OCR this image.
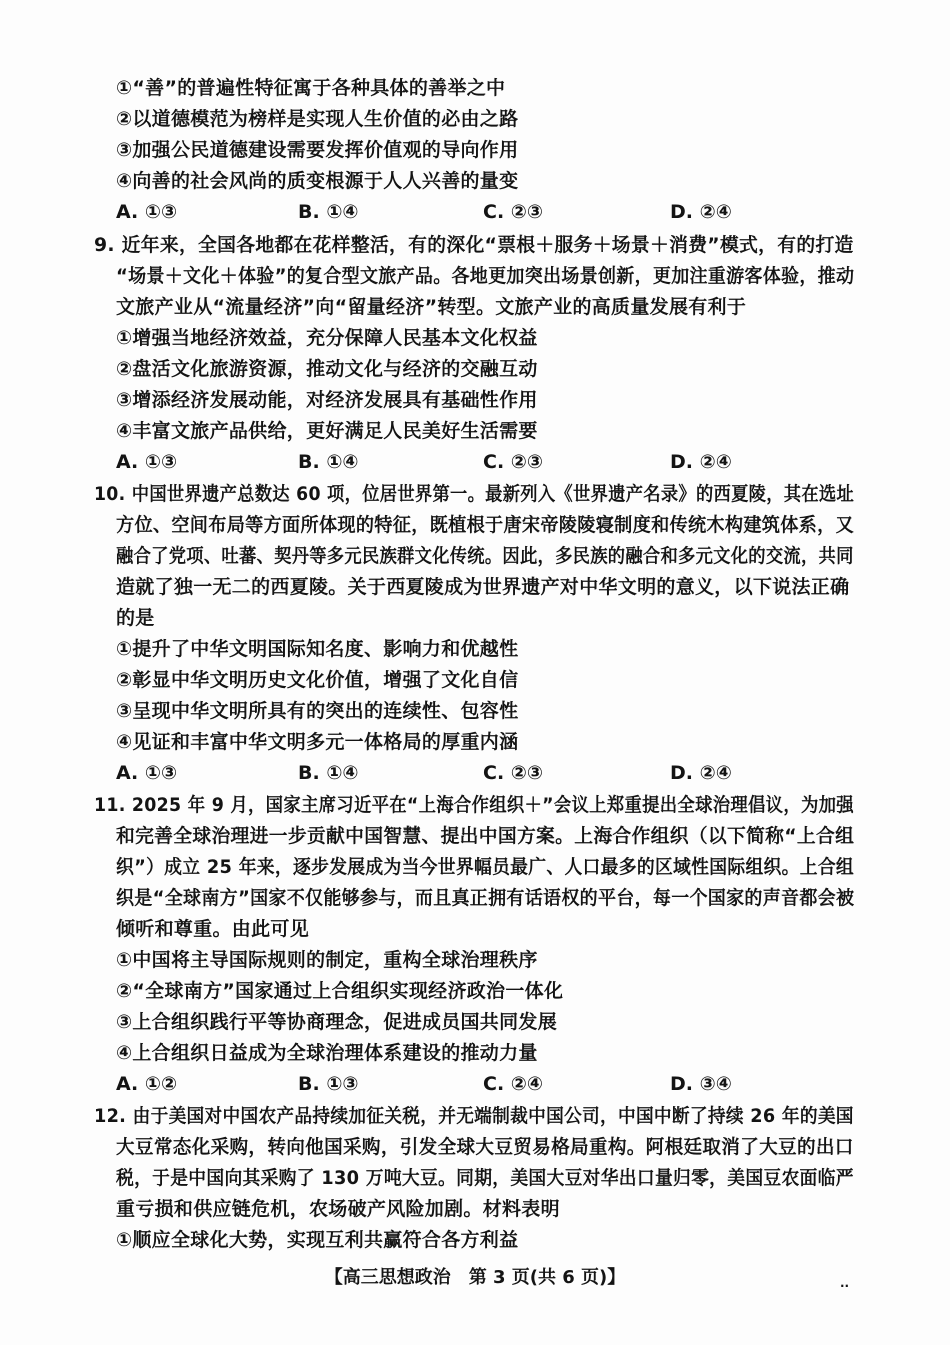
①“善”的普遍性特征寓于各种具体的善举之中
②以道德模范为榜样是实现人生价值的必由之路
③加强公民道德建设需要发挥价值观的导向作用
④向善的社会风尚的质变根源于人人兴善的量变
A. ①③	B. ①④	C. ②③	D. ②④
9. 近年来，全国各地都在花样整活，有的深化“票根＋服务＋场景＋消费”模式，有的打造
“场景＋文化＋体验”的复合型文旅产品。各地更加突出场景创新，更加注重游客体验，推动
文旅产业从“流量经济”向“留量经济”转型。文旅产业的高质量发展有利于
①增强当地经济效益，充分保障人民基本文化权益
②盘活文化旅游资源，推动文化与经济的交融互动
③增添经济发展动能，对经济发展具有基础性作用
④丰富文旅产品供给，更好满足人民美好生活需要
A. ①③	B. ①④	C. ②③	D. ②④
10. 中国世界遗产总数达 60 项，位居世界第一。最新列入《世界遗产名录》的西夏陵，其在选址
方位、空间布局等方面所体现的特征，既植根于唐宋帝陵陵寝制度和传统木构建筑体系，又
融合了党项、吐蕃、契丹等多元民族群文化传统。因此，多民族的融合和多元文化的交流，共同
造就了独一无二的西夏陵。关于西夏陵成为世界遗产对中华文明的意义，以下说法正确
的是
①提升了中华文明国际知名度、影响力和优越性
②彰显中华文明历史文化价值，增强了文化自信
③呈现中华文明所具有的突出的连续性、包容性
④见证和丰富中华文明多元一体格局的厚重内涵
A. ①③	B. ①④	C. ②③	D. ②④
11. 2025 年 9 月，国家主席习近平在“上海合作组织＋”会议上郑重提出全球治理倡议，为加强
和完善全球治理进一步贡献中国智慧、提出中国方案。上海合作组织（以下简称“上合组
织”）成立 25 年来，逐步发展成为当今世界幅员最广、人口最多的区域性国际组织。上合组
织是“全球南方”国家不仅能够参与，而且真正拥有话语权的平台，每一个国家的声音都会被
倾听和尊重。由此可见
①中国将主导国际规则的制定，重构全球治理秩序
②“全球南方”国家通过上合组织实现经济政治一体化
③上合组织践行平等协商理念，促进成员国共同发展
④上合组织日益成为全球治理体系建设的推动力量
A. ①②	B. ①③	C. ②④	D. ③④
12. 由于美国对中国农产品持续加征关税，并无端制裁中国公司，中国中断了持续 26 年的美国
大豆常态化采购，转向他国采购，引发全球大豆贸易格局重构。阿根廷取消了大豆的出口
税，于是中国向其采购了 130 万吨大豆。同期，美国大豆对华出口量归零，美国豆农面临严
重亏损和供应链危机，农场破产风险加剧。材料表明
①顺应全球化大势，实现互利共赢符合各方利益
【高三思想政治　第 3 页(共 6 页)】	..
